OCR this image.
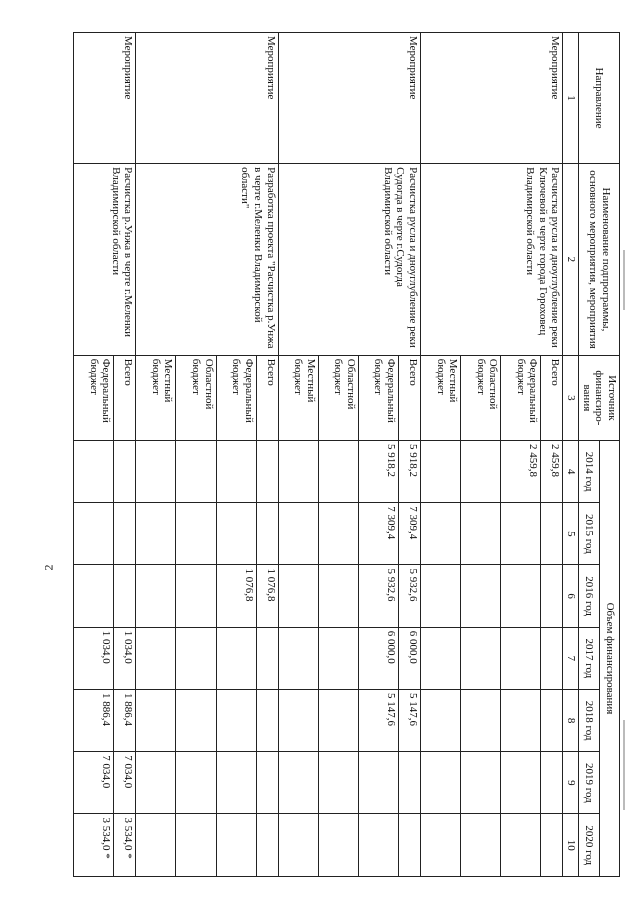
2
Направление	Наименование подпрограммы, основного мероприятия, мероприятия	Источник финансиро-вания	Объем финансирования						
			2014 год	2015 год	2016 год	2017 год	2018 год	2019 год	2020 год
1	2	3	4	5	6	7	8	9	10
Мероприятие	Расчистка русла и дноуглубление реки Ключевой в черте города Гороховец Владимирской области	Всего	2 459,8						
		Федеральный бюджет	2 459,8						
		Областной бюджет							
		Местный бюджет							
Мероприятие	Расчистка русла и дноуглубление реки Судогда в черте г.Судогда Владимирской области	Всего	5 918,2	7 309,4	5 932,6	6 000,0	5 147,6		
		Федеральный бюджет	5 918,2	7 309,4	5 932,6	6 000,0	5 147,6		
		Областной бюджет							
		Местный бюджет							
Мероприятие	Разработка проекта "Расчистка р.Унжа в черте г.Меленки Владимирской области"	Всего			1 076,8				
		Федеральный бюджет			1 076,8				
		Областной бюджет							
		Местный бюджет							
Мероприятие	Расчистка р.Унжа в черте г.Меленки Владимирской области	Всего				1 034,0	1 886,4	7 034,0	3 534,0 *
		Федеральный бюджет				1 034,0	1 886,4	7 034,0	3 534,0 *
